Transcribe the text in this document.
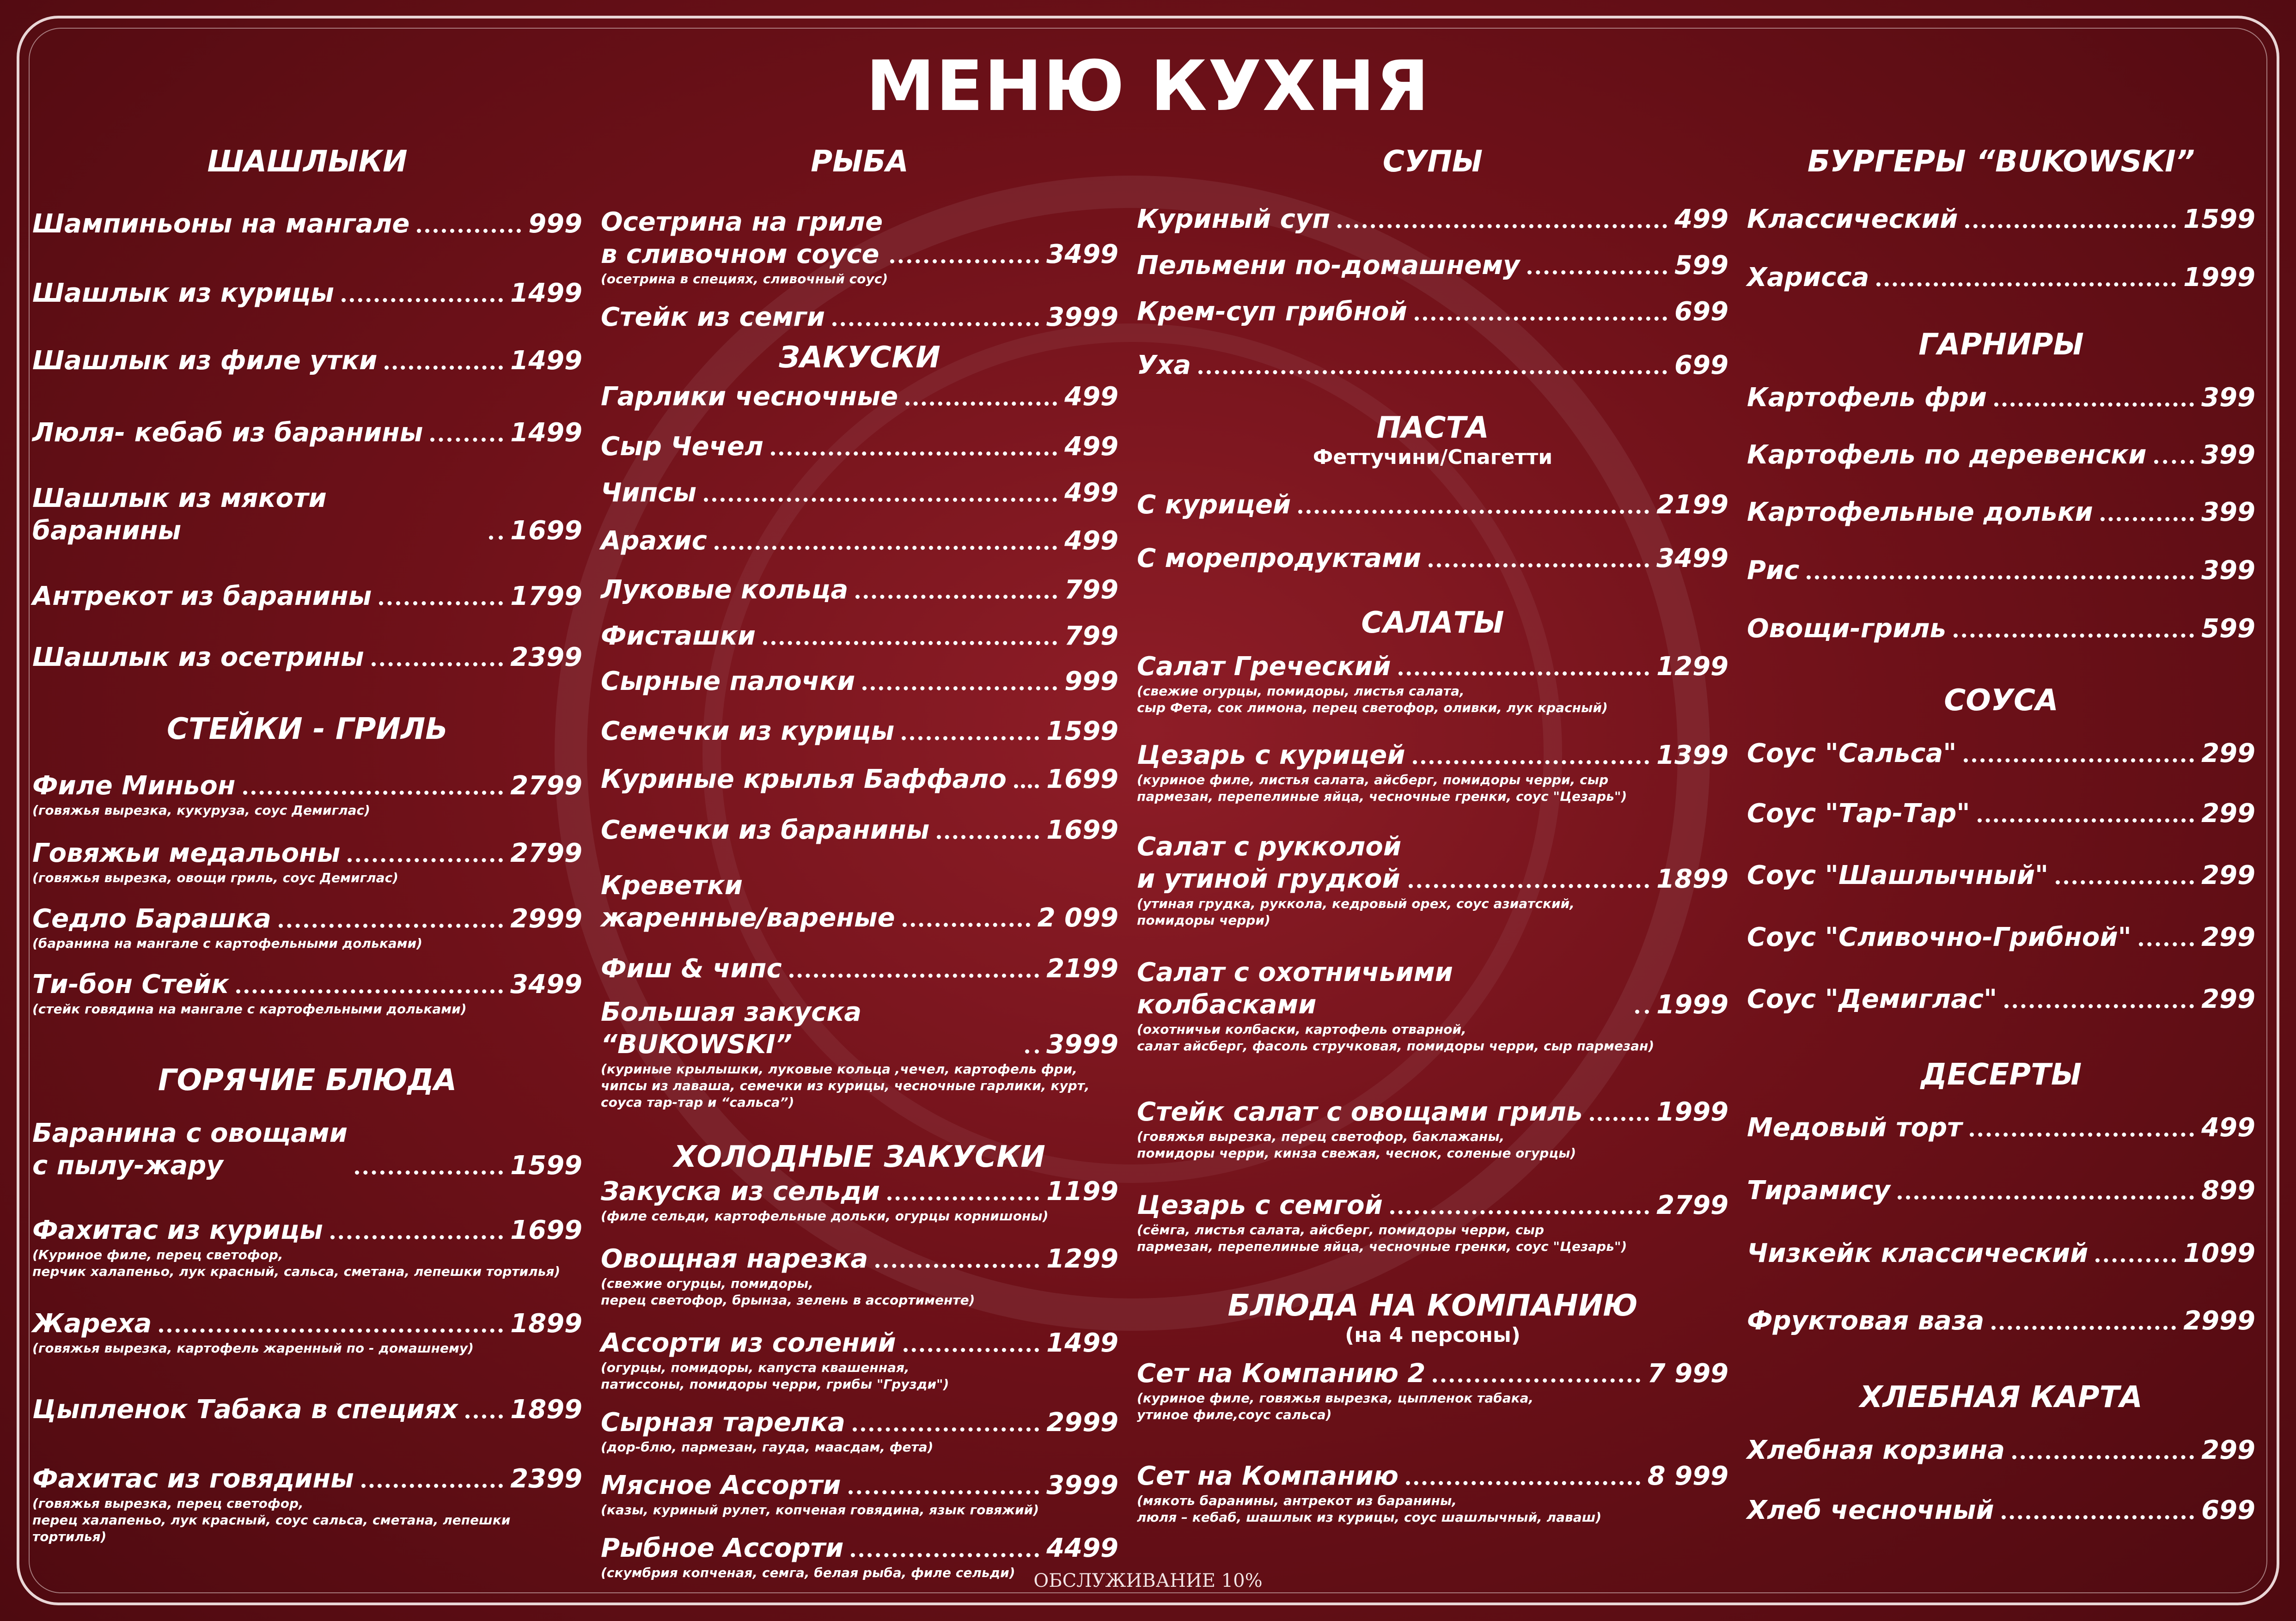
МЕНЮ КУХНЯ
ШАШЛЫКИ
Шампиньоны на мангале	999
Шашлык из курицы	1499
Шашлык из филе утки	1499
Люля- кебаб из баранины	1499
Шашлык из мякоти баранины	1699
Антрекот из баранины	1799
Шашлык из осетрины	2399
СТЕЙКИ - ГРИЛЬ
Филе Миньон	2799
(говяжья вырезка, кукуруза, соус Демиглас)
Говяжьи медальоны	2799
(говяжья вырезка, овощи гриль, соус Демиглас)
Седло Барашка	2999
(баранина на мангале с картофельными дольками)
Ти-бон Стейк	3499
(стейк говядина на мангале с картофельными дольками)
ГОРЯЧИЕ БЛЮДА
Баранина с овощами
с пылу-жару	1599
Фахитас из курицы	1699
(Куриное филе, перец светофор,
перчик халапеньо, лук красный, сальса, сметана, лепешки тортилья)
Жареха	1899
(говяжья вырезка, картофель жаренный по - домашнему)
Цыпленок Табака в специях 1899
Фахитас из говядины	2399
(говяжья вырезка, перец светофор,
перец халапеньо, лук красный, соус сальса, сметана, лепешки тортилья)
РЫБА
Осетрина на гриле
в сливочном соусе	3499
(осетрина в специях, сливочный соус)
Стейк из семги	3999
ЗАКУСКИ
Гарлики чесночные	499
Сыр Чечел	499
Чипсы	499
Арахис	499
Луковые кольца	799
Фисташки	799
Сырные палочки	999
Семечки из курицы	1599
Куриные крылья Баффало 1699
Семечки из баранины	1699
Креветки
жаренные/вареные	2 099
Фиш & чипс	2199
Большая закуска “BUKOWSKI”	3999
(куриные крылышки, луковые кольца ,чечел, картофель фри,
чипсы из лаваша, семечки из курицы, чесночные гарлики, курт, соуса тар-тар и “сальса”)
ХОЛОДНЫЕ ЗАКУСКИ
Закуска из сельди	1199
(филе сельди, картофельные дольки, огурцы корнишоны)
Овощная нарезка	1299
(свежие огурцы, помидоры,
перец светофор, брынза, зелень в ассортименте)
Ассорти из солений	1499
(огурцы, помидоры, капуста квашенная,
патиссоны, помидоры черри, грибы "Грузди")
Сырная тарелка	2999
(дор-блю, пармезан, гауда, маасдам, фета)
Мясное Ассорти	3999
(казы, куриный рулет, копченая говядина, язык говяжий)
Рыбное Ассорти	4499
(скумбрия копченая, семга, белая рыба, филе сельди)
СУПЫ
Куриный суп	499
Пельмени по-домашнему	599
Крем-суп грибной	699
Уха	699
ПАСТА
Феттучини/Спагетти
С курицей	2199
С морепродуктами	3499
САЛАТЫ
Салат Греческий	1299
(свежие огурцы, помидоры, листья салата,
сыр Фета, сок лимона, перец светофор, оливки, лук красный)
Цезарь с курицей	1399
(куриное филе, листья салата, айсберг, помидоры черри, сыр
пармезан, перепелиные яйца, чесночные гренки, соус "Цезарь")
Салат с рукколой
и утиной грудкой	1899
(утиная грудка, руккола, кедровый орех, соус азиатский,
помидоры черри)
Салат с охотничьими колбасками	1999
(охотничьи колбаски, картофель отварной,
салат айсберг, фасоль стручковая, помидоры черри, сыр пармезан)
Стейк салат с овощами гриль	1999
(говяжья вырезка, перец светофор, баклажаны,
помидоры черри, кинза свежая, чеснок, соленые огурцы)
Цезарь с семгой	2799
(сёмга, листья салата, айсберг, помидоры черри, сыр
пармезан, перепелиные яйца, чесночные гренки, соус "Цезарь")
БЛЮДА НА КОМПАНИЮ
(на 4 персоны)
Сет на Компанию 2	7 999
(куриное филе, говяжья вырезка, цыпленок табака,
утиное филе,соус сальса)
Сет на Компанию	8 999
(мякоть баранины, антрекот из баранины,
люля – кебаб, шашлык из курицы, соус шашлычный, лаваш)
БУРГЕРЫ “BUKOWSKI”
Классический	1599
Харисса	1999
ГАРНИРЫ
Картофель фри	399
Картофель по деревенски 399
Картофельные дольки	399
Рис	399
Овощи-гриль	599
СОУСА
Соус "Сальса"	299
Соус "Тар-Тар"	299
Соус "Шашлычный"	299
Соус "Сливочно-Грибной"	299
Соус "Демиглас"	299
ДЕСЕРТЫ
Медовый торт	499
Тирамису	899
Чизкейк классический	1099
Фруктовая ваза	2999
ХЛЕБНАЯ КАРТА
Хлебная корзина	299
Хлеб чесночный	699
ОБСЛУЖИВАНИЕ 10%
